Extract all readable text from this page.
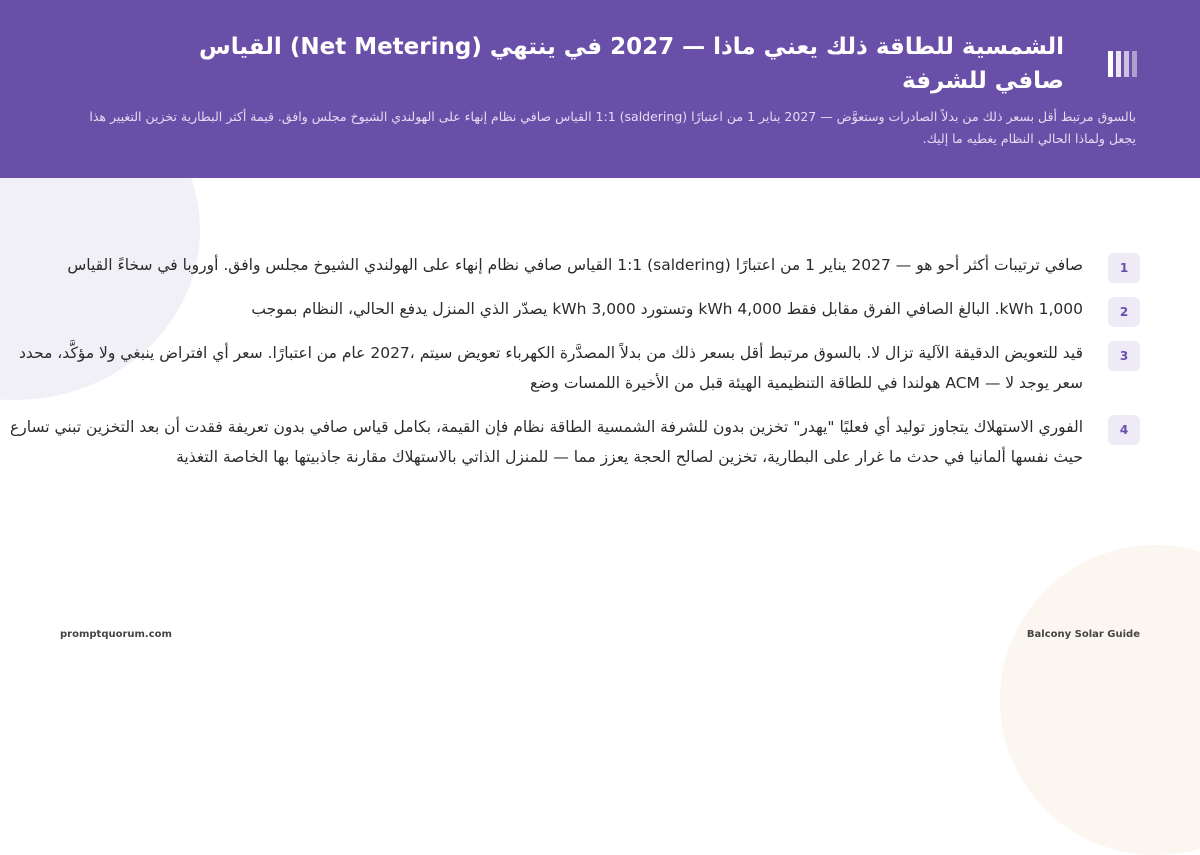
الشمسية للطاقة ذلك يعني ماذا — 2027 في ينتهي (Net Metering) القياس صافي للشرفة

بالسوق مرتبط أقل بسعر ذلك من بدلاً الصادرات وستعوَّض — 2027 يناير 1 من اعتبارًا (saldering) 1:1 القياس صافي نظام إنهاء على الهولندي الشيوخ مجلس وافق. قيمة أكثر البطارية تخزين التغيير هذا يجعل ولماذا الحالي النظام يغطيه ما إليك.

1

صافي ترتيبات أكثر أحو هو — 2027 يناير 1 من اعتبارًا (saldering) 1:1 القياس صافي نظام إنهاء على الهولندي الشيوخ مجلس وافق. أوروبا في سخاءً القياس

2

1,000 kWh. البالغ الصافي الفرق مقابل فقط 4,000 kWh وتستورد 3,000 kWh يصدّر الذي المنزل يدفع الحالي، النظام بموجب

3

قيد للتعويض الدقيقة الآلية تزال لا. بالسوق مرتبط أقل بسعر ذلك من بدلاً المصدَّرة الكهرباء تعويض سيتم ،2027 عام من اعتبارًا. سعر أي افتراض ينبغي ولا مؤكَّد، محدد سعر يوجد لا — ACM هولندا في للطاقة التنظيمية الهيئة قبل من الأخيرة اللمسات وضع

4

الفوري الاستهلاك يتجاوز توليد أي فعليًا "يهدر" تخزين بدون للشرفة الشمسية الطاقة نظام فإن القيمة، بكامل قياس صافي بدون تعريفة فقدت أن بعد التخزين تبني تسارع حيث نفسها ألمانيا في حدث ما غرار على البطارية، تخزين لصالح الحجة يعزز مما — للمنزل الذاتي بالاستهلاك مقارنة جاذبيتها بها الخاصة التغذية

promptquorum.com	Balcony Solar Guide
